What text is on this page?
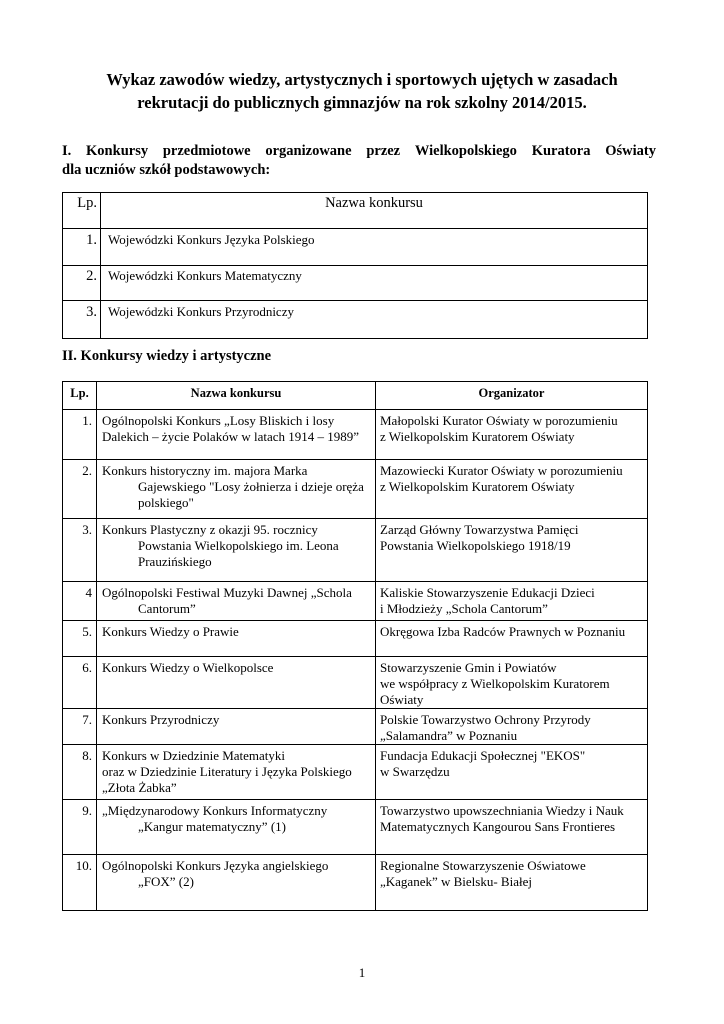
Wykaz zawodów wiedzy, artystycznych i sportowych ujętych w zasadach
rekrutacji do publicznych gimnazjów na rok szkolny 2014/2015.
I. Konkursy przedmiotowe organizowane przez Wielkopolskiego Kuratora Oświaty
dla uczniów szkół podstawowych:
Lp.	Nazwa konkursu
1.	Wojewódzki Konkurs Języka Polskiego
2.	Wojewódzki Konkurs Matematyczny
3.	Wojewódzki Konkurs Przyrodniczy
II. Konkursy wiedzy i artystyczne
Lp.	Nazwa konkursu	Organizator
1.	Ogólnopolski Konkurs „Losy Bliskich i losy
Dalekich – życie Polaków w latach 1914 – 1989”	Małopolski Kurator Oświaty w porozumieniu
z Wielkopolskim Kuratorem Oświaty

2.	Konkurs historyczny im. majora Marka
Gajewskiego "Losy żołnierza i dzieje oręża
polskiego"	Mazowiecki Kurator Oświaty w porozumieniu
z Wielkopolskim Kuratorem Oświaty

3.	Konkurs Plastyczny z okazji 95. rocznicy
Powstania Wielkopolskiego im. Leona
Prauzińskiego	Zarząd Główny Towarzystwa Pamięci
Powstania Wielkopolskiego 1918/19

4	Ogólnopolski Festiwal Muzyki Dawnej „Schola
Cantorum”	Kaliskie Stowarzyszenie Edukacji Dzieci
i Młodzieży „Schola Cantorum”

5.	Konkurs Wiedzy o Prawie	Okręgowa Izba Radców Prawnych w Poznaniu

6.	Konkurs Wiedzy o Wielkopolsce	Stowarzyszenie Gmin i Powiatów
we współpracy z Wielkopolskim Kuratorem
Oświaty

7.	Konkurs Przyrodniczy	Polskie Towarzystwo Ochrony Przyrody
„Salamandra” w Poznaniu

8.	Konkurs w Dziedzinie Matematyki
oraz w Dziedzinie Literatury i Języka Polskiego
„Złota Żabka”	Fundacja Edukacji Społecznej "EKOS"
w Swarzędzu

9.	„Międzynarodowy Konkurs Informatyczny
„Kangur matematyczny” (1)	Towarzystwo upowszechniania Wiedzy i Nauk
Matematycznych Kangourou Sans Frontieres

10.	Ogólnopolski Konkurs Języka angielskiego
„FOX” (2)	Regionalne Stowarzyszenie Oświatowe
„Kaganek” w Bielsku- Białej
1
